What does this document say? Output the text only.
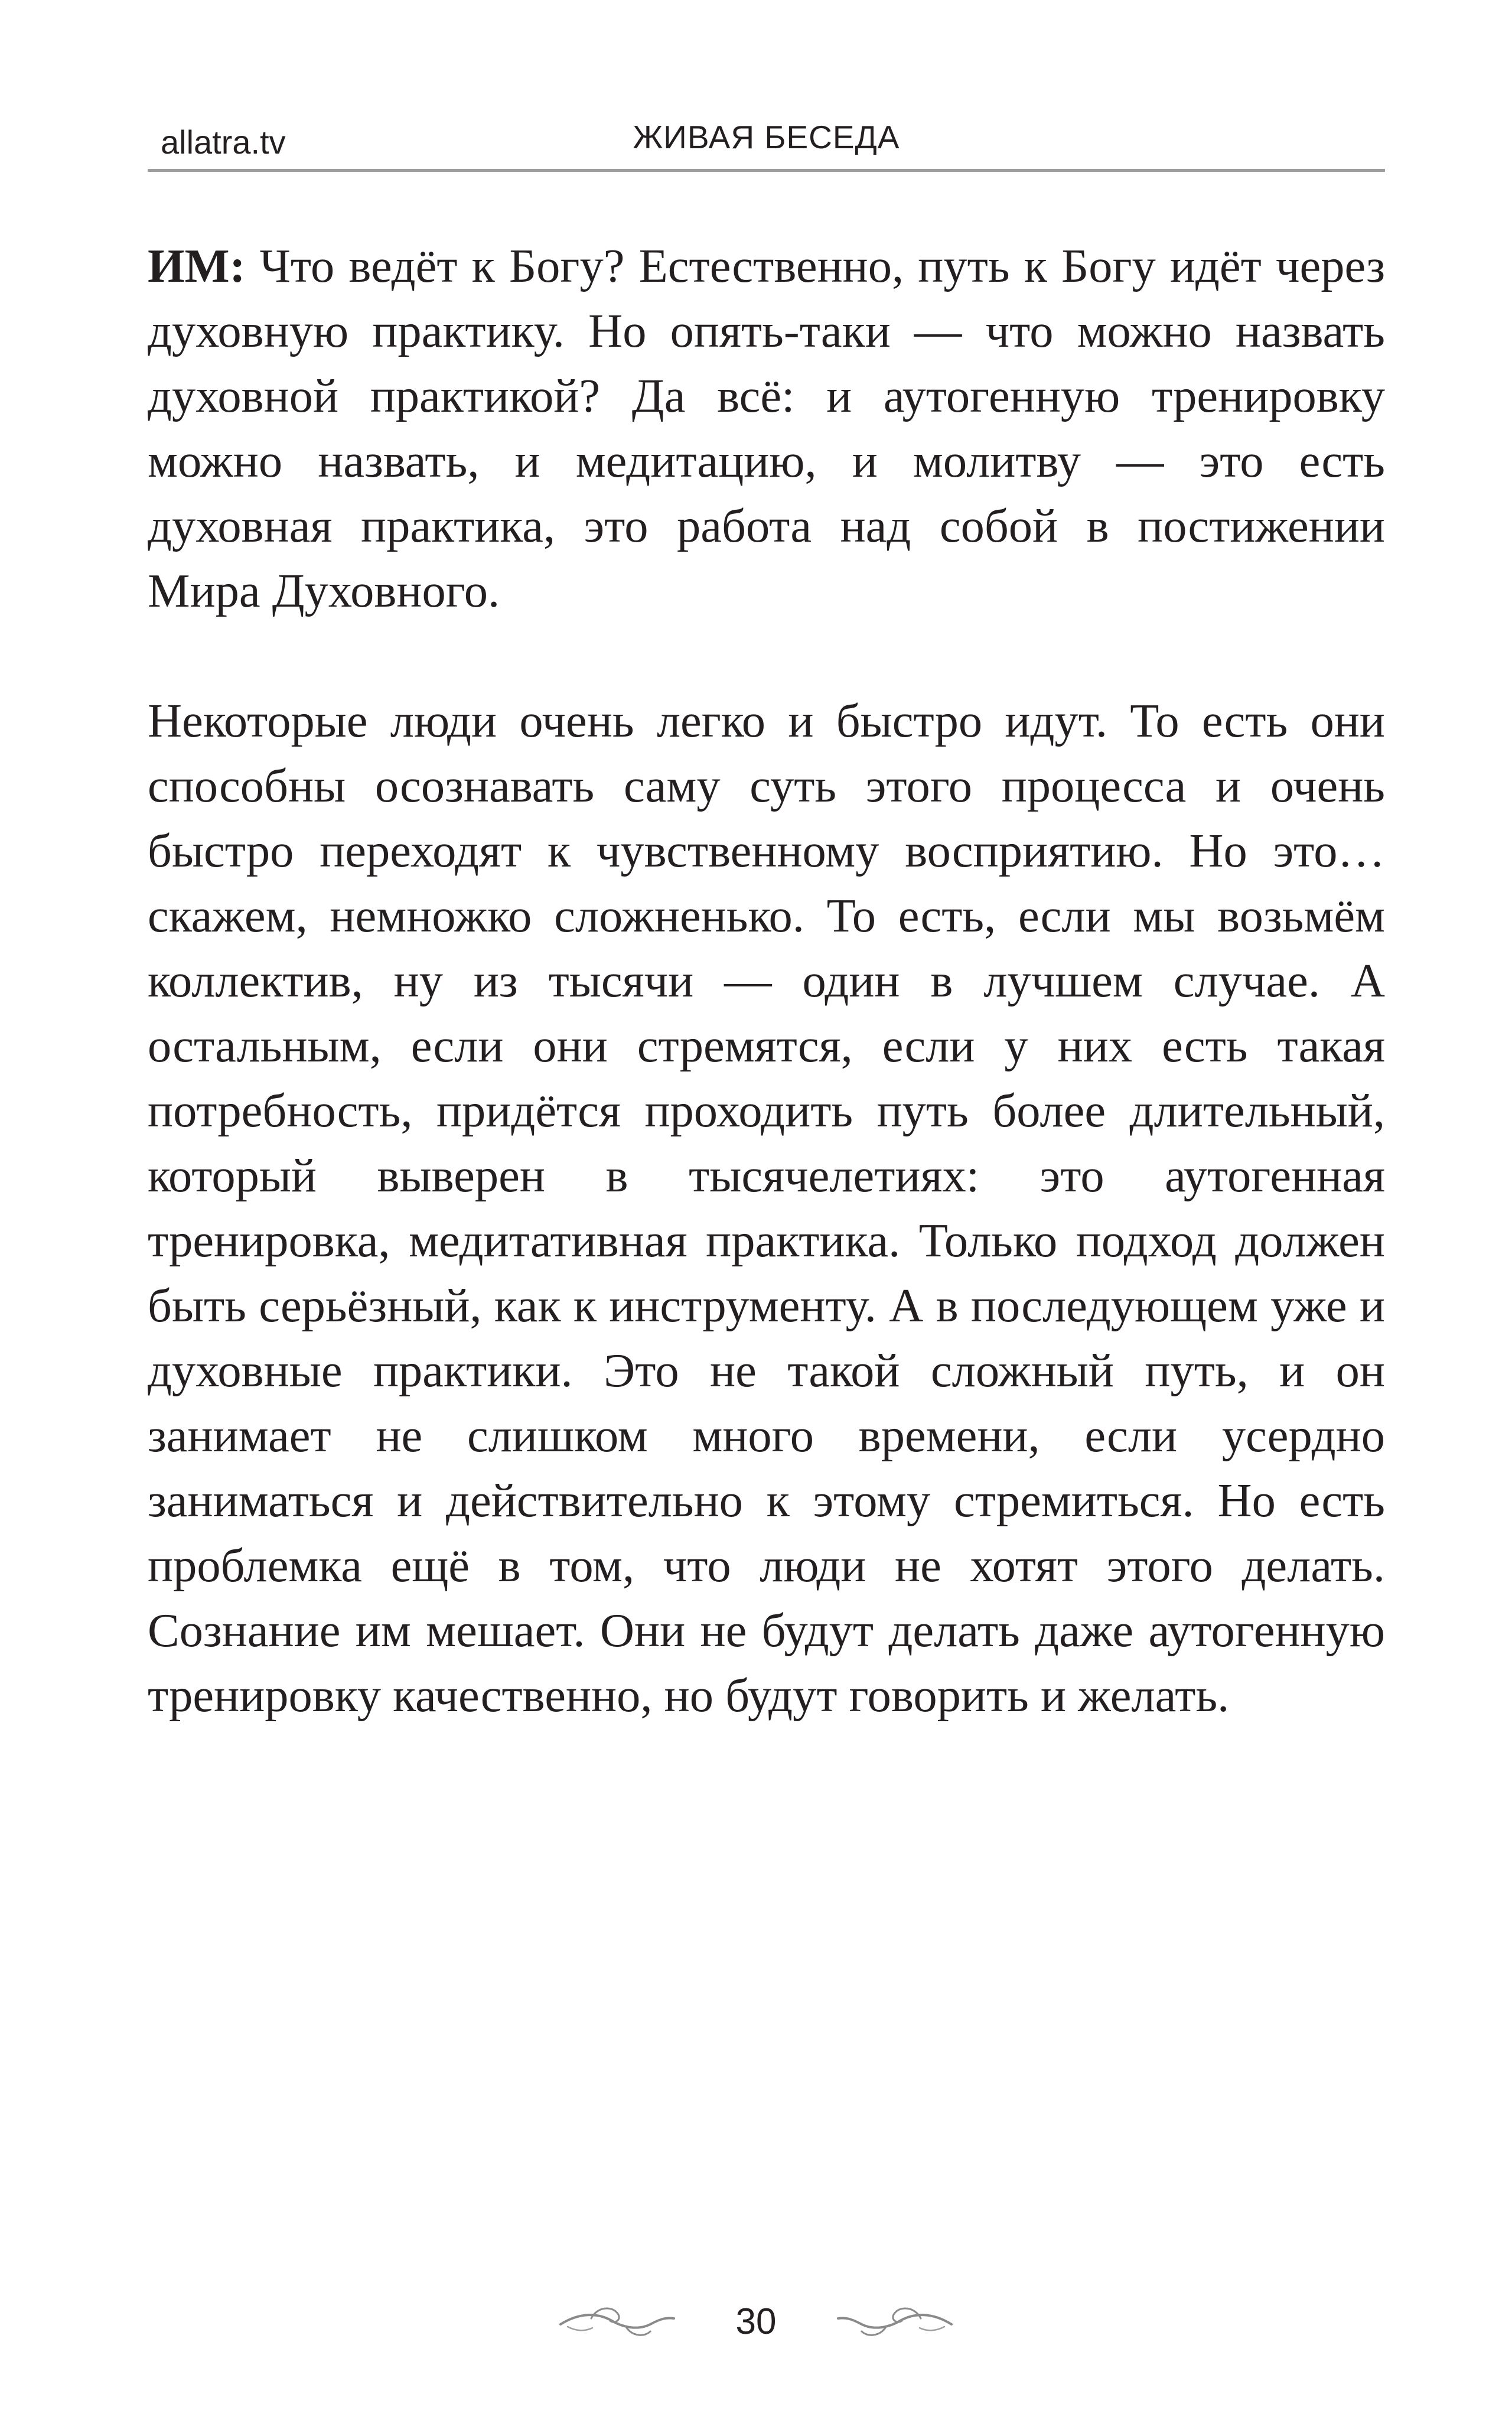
allatra.tv	ЖИВАЯ БЕСЕДА

ИМ: Что ведёт к Богу? Естественно, путь к Богу идёт через духовную практику. Но опять-таки — что можно назвать духовной практикой? Да всё: и аутогенную тренировку можно назвать, и медитацию, и молитву — это есть духовная практика, это работа над собой в постижении Мира Духовного.

Некоторые люди очень легко и быстро идут. То есть они способны осознавать саму суть этого процесса и очень быстро переходят к чувственному восприятию. Но это… скажем, немножко сложненько. То есть, если мы возьмём коллектив, ну из тысячи — один в лучшем случае. А остальным, если они стремятся, если у них есть такая потребность, придётся проходить путь более длительный, который выверен в тысячелетиях: это аутогенная тренировка, медитативная практика. Только подход должен быть серьёзный, как к инструменту. А в последующем уже и духовные практики. Это не такой сложный путь, и он занимает не слишком много времени, если усердно заниматься и действительно к этому стремиться. Но есть проблемка ещё в том, что люди не хотят этого делать. Сознание им мешает. Они не будут делать даже аутогенную тренировку качественно, но будут говорить и желать.

30
